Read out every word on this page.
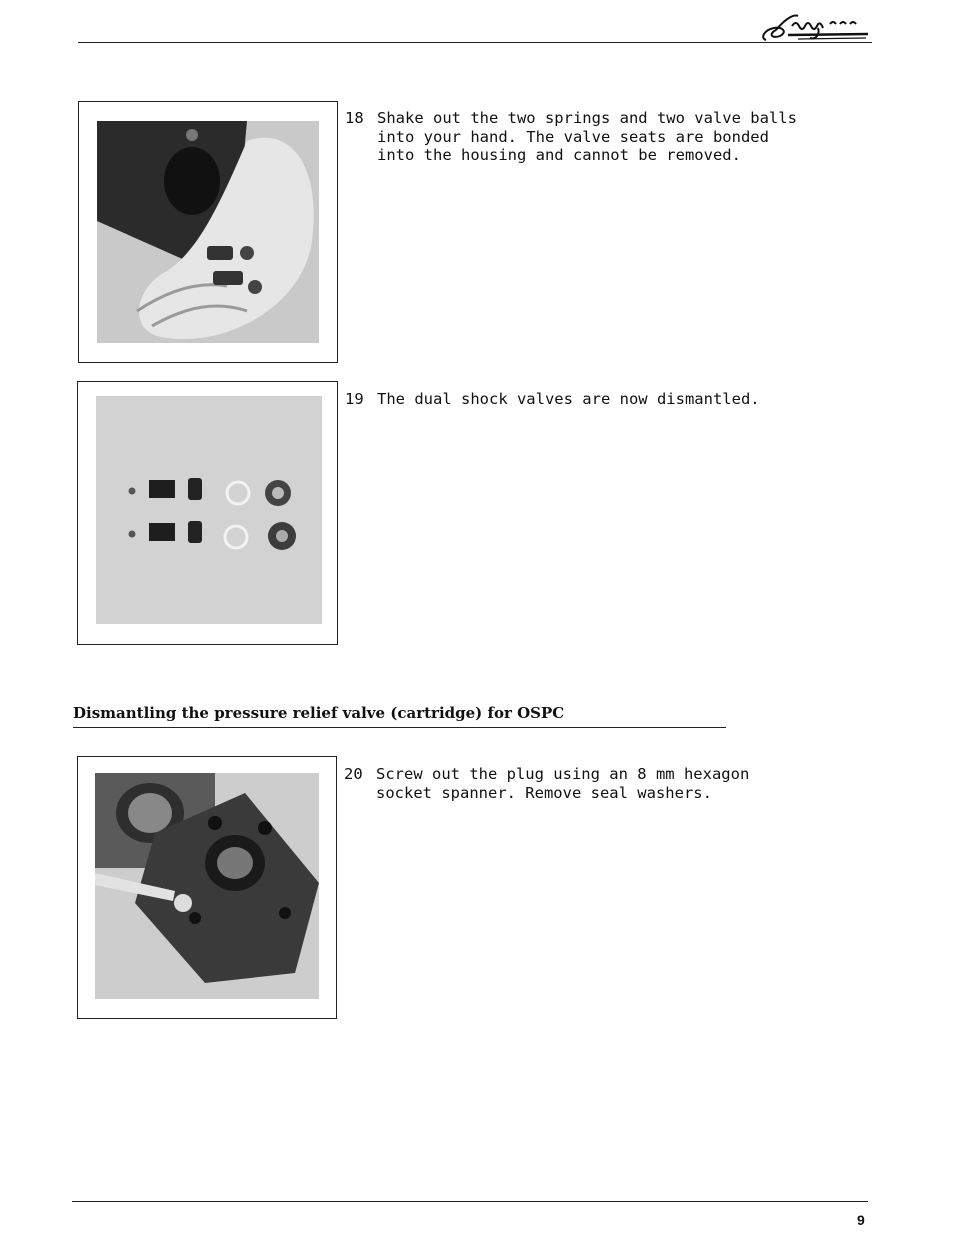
18 Shake out the two springs and two valve balls

into your hand. The valve seats are bonded

into the housing and cannot be removed.

19 The dual shock valves are now dismantled.

Dismantling the pressure relief valve (cartridge) for OSPC
20 Screw out the plug using an 8 mm hexagon

socket spanner. Remove seal washers.

9
